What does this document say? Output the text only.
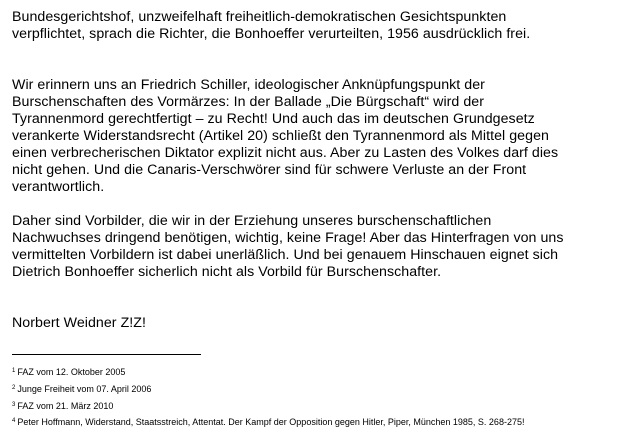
Bundesgerichtshof, unzweifelhaft freiheitlich-demokratischen Gesichtspunkten
verpflichtet, sprach die Richter, die Bonhoeffer verurteilten, 1956 ausdrücklich frei.

Wir erinnern uns an Friedrich Schiller, ideologischer Anknüpfungspunkt der
Burschenschaften des Vormärzes: In der Ballade „Die Bürgschaft“ wird der
Tyrannenmord gerechtfertigt – zu Recht! Und auch das im deutschen Grundgesetz
verankerte Widerstandsrecht (Artikel 20) schließt den Tyrannenmord als Mittel gegen
einen verbrecherischen Diktator explizit nicht aus. Aber zu Lasten des Volkes darf dies
nicht gehen. Und die Canaris-Verschwörer sind für schwere Verluste an der Front
verantwortlich.

Daher sind Vorbilder, die wir in der Erziehung unseres burschenschaftlichen
Nachwuchses dringend benötigen, wichtig, keine Frage! Aber das Hinterfragen von uns
vermittelten Vorbildern ist dabei unerläßlich. Und bei genauem Hinschauen eignet sich
Dietrich Bonhoeffer sicherlich nicht als Vorbild für Burschenschafter.

Norbert Weidner Z!Z!

$^1$ FAZ vom 12. Oktober 2005
$^2$ Junge Freiheit vom 07. April 2006
$^3$ FAZ vom 21. März 2010
$^4$ Peter Hoffmann, Widerstand, Staatsstreich, Attentat. Der Kampf der Opposition gegen Hitler, Piper, München 1985, S. 268-275!
